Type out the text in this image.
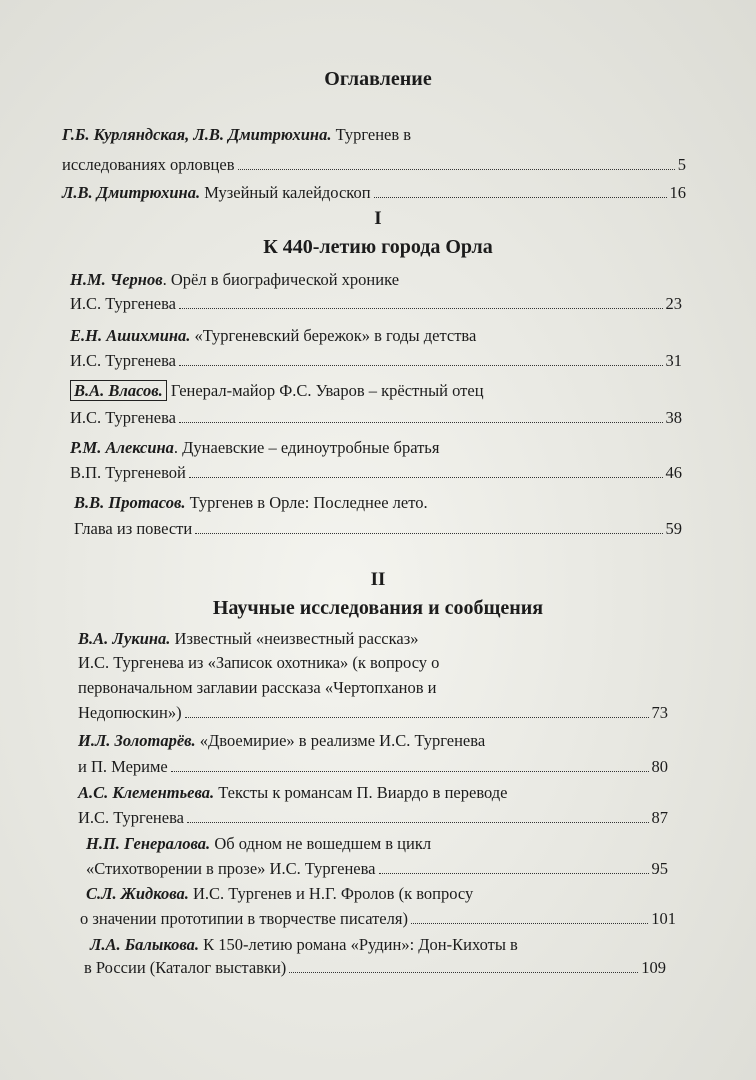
Оглавление
Г.Б. Курляндская, Л.В. Дмитрюхина. Тургенев в
исследованиях орловцев	5
Л.В. Дмитрюхина. Музейный калейдоскоп	16
I
К 440-летию города Орла
Н.М. Чернов. Орёл в биографической хронике
И.С. Тургенева	23
Е.Н. Ашихмина. «Тургеневский бережок» в годы детства
И.С. Тургенева	31
В.А. Власов. Генерал-майор Ф.С. Уваров – крёстный отец
И.С. Тургенева	38
Р.М. Алексина. Дунаевские – единоутробные братья
В.П. Тургеневой	46
В.В. Протасов. Тургенев в Орле: Последнее лето.
Глава из повести	59
II
Научные исследования и сообщения
В.А. Лукина. Известный «неизвестный рассказ»
И.С. Тургенева из «Записок охотника» (к вопросу о
первоначальном заглавии рассказа «Чертопханов и
Недопюскин»)	73
И.Л. Золотарёв. «Двоемирие» в реализме И.С. Тургенева
и П. Мериме	80
А.С. Клементьева. Тексты к романсам П. Виардо в переводе
И.С. Тургенева	87
Н.П. Генералова. Об одном не вошедшем в цикл
«Стихотворении в прозе» И.С. Тургенева	95
С.Л. Жидкова. И.С. Тургенев и Н.Г. Фролов (к вопросу
о значении прототипии в творчестве писателя)	101
Л.А. Балыкова. К 150-летию романа «Рудин»: Дон-Кихоты в
в России (Каталог выставки)	109
